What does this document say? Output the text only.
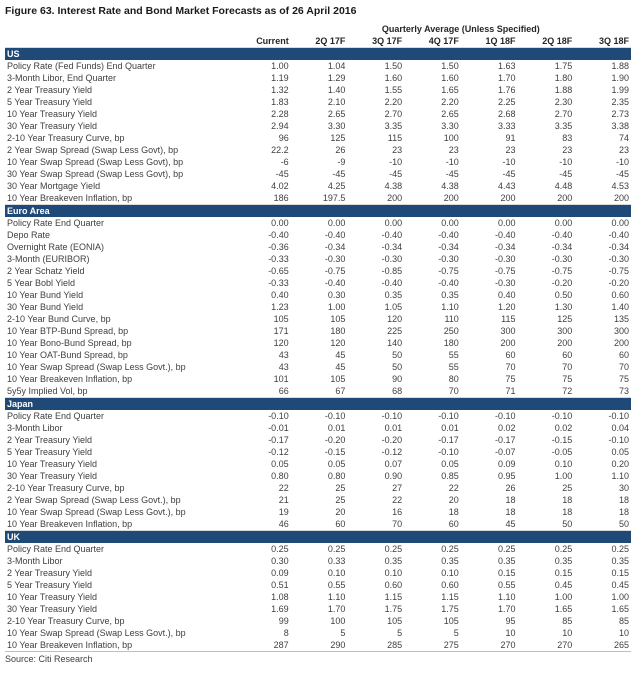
Figure 63. Interest Rate and Bond Market Forecasts as of 26 April 2016
		Quarterly Average (Unless Specified)					
	Current	2Q 17F	3Q 17F	4Q 17F	1Q 18F	2Q 18F	3Q 18F
US							
Policy Rate (Fed Funds) End Quarter	1.00	1.04	1.50	1.50	1.63	1.75	1.88
3-Month Libor, End Quarter	1.19	1.29	1.60	1.60	1.70	1.80	1.90
2 Year Treasury Yield	1.32	1.40	1.55	1.65	1.76	1.88	1.99
5 Year Treasury Yield	1.83	2.10	2.20	2.20	2.25	2.30	2.35
10 Year Treasury Yield	2.28	2.65	2.70	2.65	2.68	2.70	2.73
30 Year Treasury Yield	2.94	3.30	3.35	3.30	3.33	3.35	3.38
2-10 Year Treasury Curve, bp	96	125	115	100	91	83	74
2 Year Swap Spread (Swap Less Govt), bp	22.2	26	23	23	23	23	23
10 Year Swap Spread (Swap Less Govt), bp	-6	-9	-10	-10	-10	-10	-10
30 Year Swap Spread (Swap Less Govt), bp	-45	-45	-45	-45	-45	-45	-45
30 Year Mortgage Yield	4.02	4.25	4.38	4.38	4.43	4.48	4.53
10 Year Breakeven Inflation, bp	186	197.5	200	200	200	200	200
Euro Area							
Policy Rate End Quarter	0.00	0.00	0.00	0.00	0.00	0.00	0.00
Depo Rate	-0.40	-0.40	-0.40	-0.40	-0.40	-0.40	-0.40
Overnight Rate (EONIA)	-0.36	-0.34	-0.34	-0.34	-0.34	-0.34	-0.34
3-Month (EURIBOR)	-0.33	-0.30	-0.30	-0.30	-0.30	-0.30	-0.30
2 Year Schatz Yield	-0.65	-0.75	-0.85	-0.75	-0.75	-0.75	-0.75
5 Year Bobl Yield	-0.33	-0.40	-0.40	-0.40	-0.30	-0.20	-0.20
10 Year Bund Yield	0.40	0.30	0.35	0.35	0.40	0.50	0.60
30 Year Bund Yield	1.23	1.00	1.05	1.10	1.20	1.30	1.40
2-10 Year Bund Curve, bp	105	105	120	110	115	125	135
10 Year BTP-Bund Spread, bp	171	180	225	250	300	300	300
10 Year Bono-Bund Spread, bp	120	120	140	180	200	200	200
10 Year OAT-Bund Spread, bp	43	45	50	55	60	60	60
10 Year Swap Spread (Swap Less Govt.), bp	43	45	50	55	70	70	70
10 Year Breakeven Inflation, bp	101	105	90	80	75	75	75
5y5y Implied Vol, bp	66	67	68	70	71	72	73
Japan							
Policy Rate End Quarter	-0.10	-0.10	-0.10	-0.10	-0.10	-0.10	-0.10
3-Month Libor	-0.01	0.01	0.01	0.01	0.02	0.02	0.04
2 Year Treasury Yield	-0.17	-0.20	-0.20	-0.17	-0.17	-0.15	-0.10
5 Year Treasury Yield	-0.12	-0.15	-0.12	-0.10	-0.07	-0.05	0.05
10 Year Treasury Yield	0.05	0.05	0.07	0.05	0.09	0.10	0.20
30 Year Treasury Yield	0.80	0.80	0.90	0.85	0.95	1.00	1.10
2-10 Year Treasury Curve, bp	22	25	27	22	26	25	30
2 Year Swap Spread (Swap Less Govt.), bp	21	25	22	20	18	18	18
10 Year Swap Spread (Swap Less Govt.), bp	19	20	16	18	18	18	18
10 Year Breakeven Inflation, bp	46	60	70	60	45	50	50
UK							
Policy Rate End Quarter	0.25	0.25	0.25	0.25	0.25	0.25	0.25
3-Month Libor	0.30	0.33	0.35	0.35	0.35	0.35	0.35
2 Year Treasury Yield	0.09	0.10	0.10	0.10	0.15	0.15	0.15
5 Year Treasury Yield	0.51	0.55	0.60	0.60	0.55	0.45	0.45
10 Year Treasury Yield	1.08	1.10	1.15	1.15	1.10	1.00	1.00
30 Year Treasury Yield	1.69	1.70	1.75	1.75	1.70	1.65	1.65
2-10 Year Treasury Curve, bp	99	100	105	105	95	85	85
10 Year Swap Spread (Swap Less Govt.), bp	8	5	5	5	10	10	10
10 Year Breakeven Inflation, bp	287	290	285	275	270	270	265
Source: Citi Research
